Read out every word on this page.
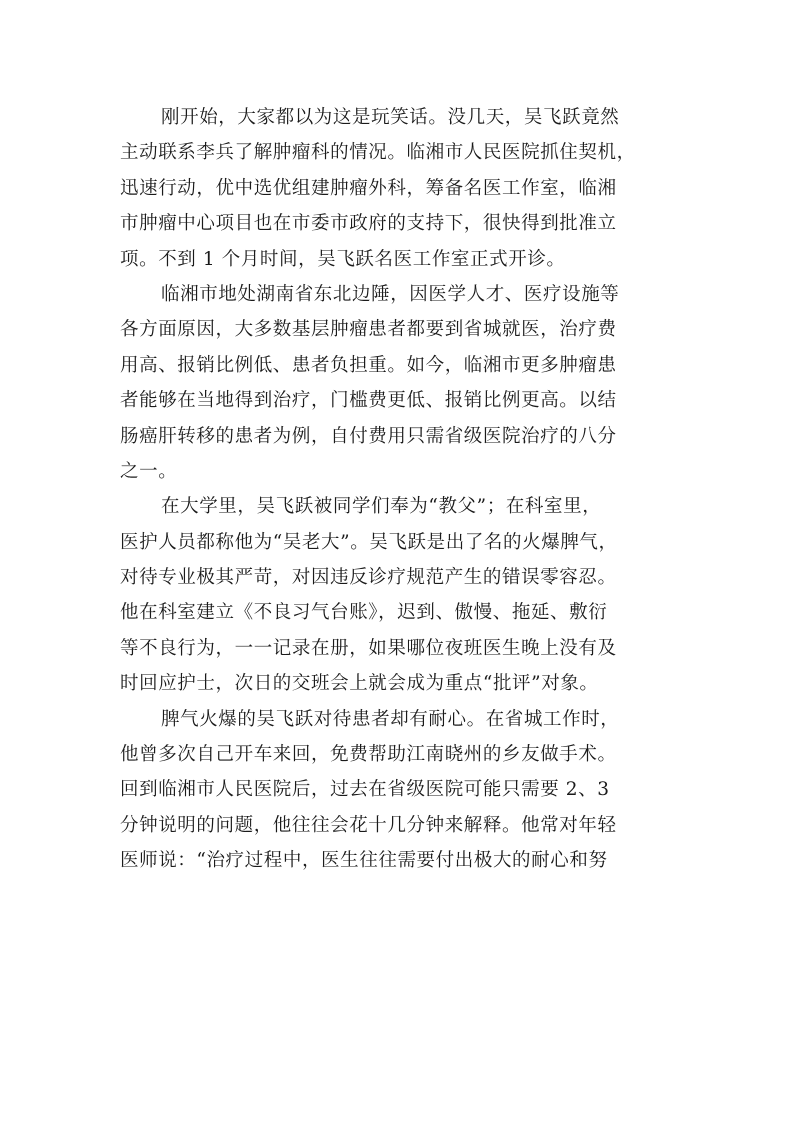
刚开始，大家都以为这是玩笑话。没几天，吴飞跃竟然
主动联系李兵了解肿瘤科的情况。临湘市人民医院抓住契机，
迅速行动，优中选优组建肿瘤外科，筹备名医工作室，临湘
市肿瘤中心项目也在市委市政府的支持下，很快得到批准立
项。不到 1 个月时间，吴飞跃名医工作室正式开诊。
临湘市地处湖南省东北边陲，因医学人才、医疗设施等
各方面原因，大多数基层肿瘤患者都要到省城就医，治疗费
用高、报销比例低、患者负担重。如今，临湘市更多肿瘤患
者能够在当地得到治疗，门槛费更低、报销比例更高。以结
肠癌肝转移的患者为例，自付费用只需省级医院治疗的八分
之一。
在大学里，吴飞跃被同学们奉为“教父”；在科室里，
医护人员都称他为“吴老大”。吴飞跃是出了名的火爆脾气，
对待专业极其严苛，对因违反诊疗规范产生的错误零容忍。
他在科室建立《不良习气台账》，迟到、傲慢、拖延、敷衍
等不良行为，一一记录在册，如果哪位夜班医生晚上没有及
时回应护士，次日的交班会上就会成为重点“批评”对象。
脾气火爆的吴飞跃对待患者却有耐心。在省城工作时，
他曾多次自己开车来回，免费帮助江南晓州的乡友做手术。
回到临湘市人民医院后，过去在省级医院可能只需要 2、3
分钟说明的问题，他往往会花十几分钟来解释。他常对年轻
医师说：“治疗过程中，医生往往需要付出极大的耐心和努
